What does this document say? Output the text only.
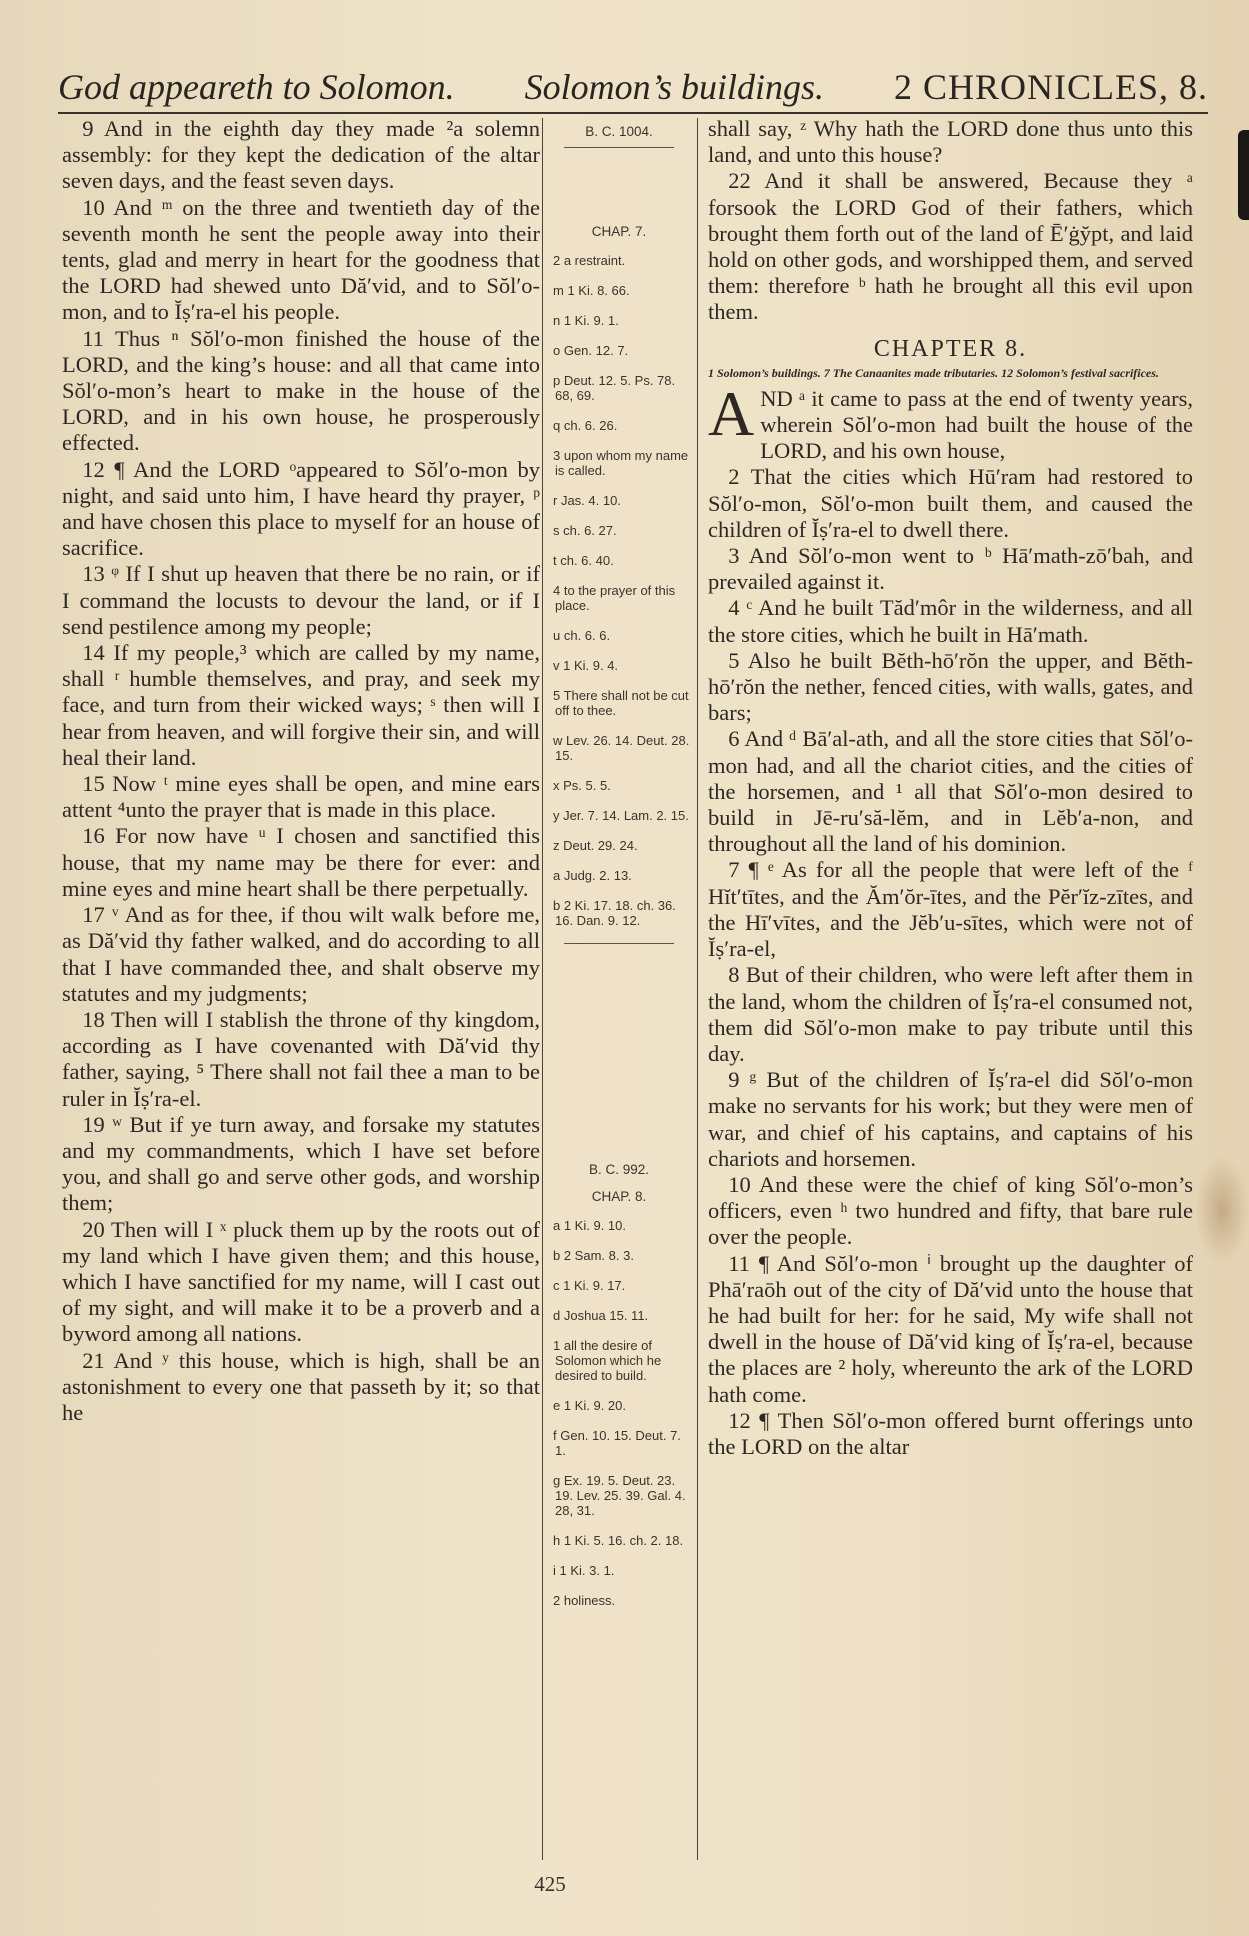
God appeareth to Solomon. Solomon’s buildings. 2 CHRONICLES, 8.

9 And in the eighth day they made ²a solemn assembly: for they kept the dedication of the altar seven days, and the feast seven days.

10 And ᵐ on the three and twentieth day of the seventh month he sent the people away into their tents, glad and merry in heart for the goodness that the LORD had shewed unto Dă′vid, and to Sŏl′o-mon, and to Ĭṣ′ra-el his people.

11 Thus ⁿ Sŏl′o-mon finished the house of the LORD, and the king’s house: and all that came into Sŏl′o-mon’s heart to make in the house of the LORD, and in his own house, he prosperously effected.

12 ¶ And the LORD ᵒappeared to Sŏl′o-mon by night, and said unto him, I have heard thy prayer, ᵖ and have chosen this place to myself for an house of sacrifice.

13 ᵠ If I shut up heaven that there be no rain, or if I command the locusts to devour the land, or if I send pestilence among my people;

14 If my people,³ which are called by my name, shall ʳ humble themselves, and pray, and seek my face, and turn from their wicked ways; ˢ then will I hear from heaven, and will forgive their sin, and will heal their land.

15 Now ᵗ mine eyes shall be open, and mine ears attent ⁴unto the prayer that is made in this place.

16 For now have ᵘ I chosen and sanctified this house, that my name may be there for ever: and mine eyes and mine heart shall be there perpetually.

17 ᵛ And as for thee, if thou wilt walk before me, as Dă′vid thy father walked, and do according to all that I have commanded thee, and shalt observe my statutes and my judgments;

18 Then will I stablish the throne of thy kingdom, according as I have covenanted with Dă′vid thy father, saying, ⁵ There shall not fail thee a man to be ruler in Ĭṣ′ra-el.

19 ʷ But if ye turn away, and forsake my statutes and my commandments, which I have set before you, and shall go and serve other gods, and worship them;

20 Then will I ˣ pluck them up by the roots out of my land which I have given them; and this house, which I have sanctified for my name, will I cast out of my sight, and will make it to be a proverb and a byword among all nations.

21 And ʸ this house, which is high, shall be an astonishment to every one that passeth by it; so that he

B. C. 1004.
CHAP. 7.
2 a restraint.
m 1 Ki. 8. 66.
n 1 Ki. 9. 1.
o Gen. 12. 7.
p Deut. 12. 5. Ps. 78. 68, 69.
q ch. 6. 26.
3 upon whom my name is called.
r Jas. 4. 10.
s ch. 6. 27.
t ch. 6. 40.
4 to the prayer of this place.
u ch. 6. 6.
v 1 Ki. 9. 4.
5 There shall not be cut off to thee.
w Lev. 26. 14. Deut. 28. 15.
x Ps. 5. 5.
y Jer. 7. 14. Lam. 2. 15.
z Deut. 29. 24.
a Judg. 2. 13.
b 2 Ki. 17. 18. ch. 36. 16. Dan. 9. 12.
B. C. 992.
CHAP. 8.
a 1 Ki. 9. 10.
b 2 Sam. 8. 3.
c 1 Ki. 9. 17.
d Joshua 15. 11.
1 all the desire of Solomon which he desired to build.
e 1 Ki. 9. 20.
f Gen. 10. 15. Deut. 7. 1.
g Ex. 19. 5. Deut. 23. 19. Lev. 25. 39. Gal. 4. 28, 31.
h 1 Ki. 5. 16. ch. 2. 18.
i 1 Ki. 3. 1.
2 holiness.

shall say, ᶻ Why hath the LORD done thus unto this land, and unto this house?

22 And it shall be answered, Because they ᵃ forsook the LORD God of their fathers, which brought them forth out of the land of Ē′ġy̆pt, and laid hold on other gods, and worshipped them, and served them: therefore ᵇ hath he brought all this evil upon them.

CHAPTER 8.

1 Solomon’s buildings. 7 The Canaanites made tributaries. 12 Solomon’s festival sacrifices.

A ND ᵃ it came to pass at the end of twenty years, wherein Sŏl′o-mon had built the house of the LORD, and his own house,

2 That the cities which Hū′ram had restored to Sŏl′o-mon, Sŏl′o-mon built them, and caused the children of Ĭṣ′ra-el to dwell there.

3 And Sŏl′o-mon went to ᵇ Hā′math-zō′bah, and prevailed against it.

4 ᶜ And he built Tăd′môr in the wilderness, and all the store cities, which he built in Hā′math.

5 Also he built Bĕth-hō′rŏn the upper, and Bĕth-hō′rŏn the nether, fenced cities, with walls, gates, and bars;

6 And ᵈ Bā′al-ath, and all the store cities that Sŏl′o-mon had, and all the chariot cities, and the cities of the horsemen, and ¹ all that Sŏl′o-mon desired to build in Jē-ru′să-lĕm, and in Lĕb′a-non, and throughout all the land of his dominion.

7 ¶ ᵉ As for all the people that were left of the ᶠ Hĭt′tītes, and the Ăm′ŏr-ītes, and the Pĕr′ĭz-zītes, and the Hī′vītes, and the Jĕb′u-sītes, which were not of Ĭṣ′ra-el,

8 But of their children, who were left after them in the land, whom the children of Ĭṣ′ra-el consumed not, them did Sŏl′o-mon make to pay tribute until this day.

9 ᵍ But of the children of Ĭṣ′ra-el did Sŏl′o-mon make no servants for his work; but they were men of war, and chief of his captains, and captains of his chariots and horsemen.

10 And these were the chief of king Sŏl′o-mon’s officers, even ʰ two hundred and fifty, that bare rule over the people.

11 ¶ And Sŏl′o-mon ⁱ brought up the daughter of Phā′raōh out of the city of Dă′vid unto the house that he had built for her: for he said, My wife shall not dwell in the house of Dă′vid king of Ĭṣ′ra-el, because the places are ² holy, whereunto the ark of the LORD hath come.

12 ¶ Then Sŏl′o-mon offered burnt offerings unto the LORD on the altar

425
